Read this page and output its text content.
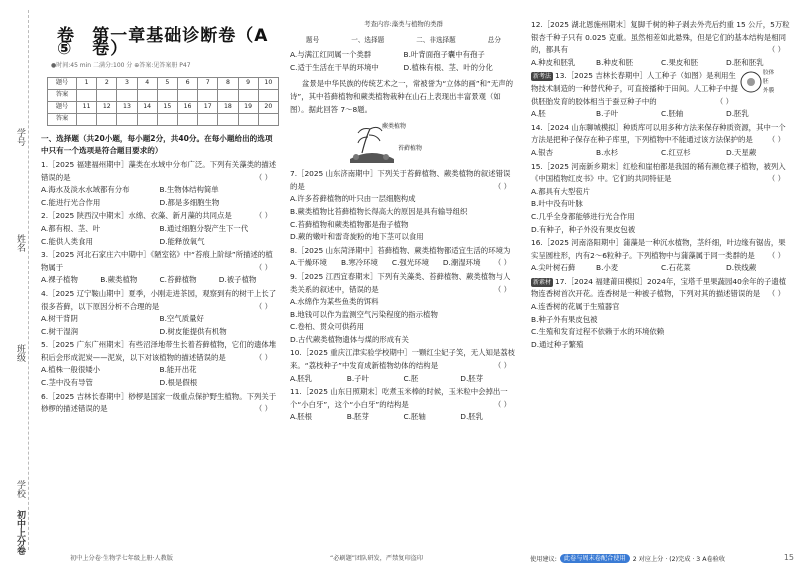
学号
姓名
班级
学校
初中上分卷
卷⑤
第一章基础诊断卷（A卷）
●时间:45 min 二满分:100 分 ⊕答案:见答案册 P47
题号	1	2	3	4	5	6	7	8	9	10
答案										
题号	11	12	13	14	15	16	17	18	19	20
答案										
一、选择题（共20小题，每小题2分，共40分。在每小题给出的选项中只有一个选项是符合题目要求的）
1.［2025 福建福州期中］藻类在水域中分布广泛。下列有关藻类的描述错误的是	（ ）
A.海水及淡水水域都有分布	B.生物体结构简单
C.能进行光合作用	D.都是多细胞生物
2.［2025 陕西汉中期末］水绵、衣藻、新月藻的共同点是	（ ）
A.都有根、茎、叶	B.通过细胞分裂产生下一代
C.能供人类食用	D.能释放氧气
3.［2025 河北石家庄六中期中］《陋室铭》中“苔痕上阶绿”所描述的植物属于	（ ）
A.裸子植物	B.蕨类植物	C.苔藓植物	D.被子植物
4.［2025 辽宁鞍山期中］夏季，小刚走进茶园，观察到有的树干上长了很多苔藓，以下原因分析不合理的是	（ ）
A.树干背阴	B.空气质量好
C.树干湿润	D.树皮能提供有机物
5.［2025 广东广州期末］有些沼泽地带生长着苔藓植物，它们的遗体堆积后会形成泥炭——泥炭，以下对该植物的描述错误的是	（ ）
A.植株一般很矮小	B.能开出花
C.茎中没有导管	D.根是假根
6.［2025 吉林长春期中］桫椤是国家一级重点保护野生植物。下列关于桫椤的描述错误的是	（ ）
考查内容:藻类与植物的类群
题号	一、选择题	二、非选择题	总分
A.与满江红同属一个类群	B.叶背面孢子囊中有孢子
C.适于生活在干旱的环境中	D.植株有根、茎、叶的分化
盆景是中华民族的传统艺术之一，常被誉为“立体的画”和“无声的诗”，其中苔藓植物和蕨类植物栽种在山石上表现出丰富景观（如图）。据此回答 7～8题。
蕨类植物
苔藓植物
7.［2025 山东济南期中］下列关于苔藓植物、蕨类植物的叙述错误的是	（ ）
A.许多苔藓植物的叶只由一层细胞构成
B.蕨类植物比苔藓植物长得高大的原因是具有输导组织
C.苔藓植物和蕨类植物都是孢子植物
D.蕨的嫩叶和雷奇旋粉的地下茎可以食用
8.［2025 山东菏泽期中］苔藓植物、蕨类植物都适宜生活的环境为
（ ）
A.干燥环境	B.寒冷环境	C.强光环境	D.潮湿环境
9.［2025 江西宜春期末］下列有关藻类、苔藓植物、蕨类植物与人类关系的叙述中，错误的是	（ ）
A.水绵作为某些鱼类的饵料
B.地钱可以作为监测空气污染程度的指示植物
C.卷柏、贯众可供药用
D.古代蕨类植物遗体与煤的形成有关
10.［2025 重庆江津实验学校期中］一颗红尘妃子笑，无人知是荔枝来。“荔枝种子”中发育成新植物幼体的结构是	（ ）
A.胚乳	B.子叶	C.胚	D.胚芽
11.［2025 山东日照期末］吃煮玉米棒的时候，玉米粒中会掉出一个“小白牙”，这个“小白牙”的结构是	（ ）
A.胚根	B.胚芽	C.胚轴	D.胚乳
12.［2025 湖北恩施州期末］复脚千树的种子剥去外壳后约重 15 公斤，5万粒银杏千种子只有 0.025 克重。虽然相差如此悬殊，但是它们的基本结构是相同的，都具有	（ ）
A.种皮和胚乳	B.种皮和胚	C.果皮和胚	D.胚和胚乳
胶体
胚
外膜
新考法 13.［2025 吉林长春期中］人工种子（如图）是利用生物技术制造的一种替代种子，可直接播种于田间。人工种子中提供胚胎发育的胶体相当于蚕豆种子中的	（ ）
A.胚	B.子叶	C.胚轴	D.胚乳
14.［2024 山东聊城模拟］种质库可以用多种方法来保存种质资源，其中一个方法是把种子保存在种子库里，下列植物中不能通过该方法保护的是 （ ）
A.银杏	B.水杉	C.红豆杉	D.天星蕨
15.［2025 河南新乡期末］红桧和崖柏都是我国的稀有濒危裸子植物，被列入《中国植物红皮书》中。它们的共同特征是	（ ）
A.都具有大型苞片
B.叶中没有叶脉
C.几乎全身都能够进行光合作用
D.有种子，种子外没有果皮包被
16.［2025 河南洛阳期中］蒲藻是一种沉水植物，茎纤细，叶边缘有锯齿，果实呈圆柱形，内有2～6粒种子。下列植物中与蒲藻属于同一类群的是 （ ）
A.尖叶树石藓	B.小麦	C.石花菜	D.铁线蕨
新素材 17.［2024 福建莆田模拟］2024年，宝塔千里果蔬园40余年的子遗植物连香树首次开花。连香树是一种被子植物，下列对其的描述错误的是 （ ）
A.连香树的花属于生殖器官
B.种子外有果皮包被
C.生殖和发育过程不依赖于水的环境依赖
D.通过种子繁殖
初中上分卷·生物学七年级上册·人教版	“必刷题”团队研发，严禁复印盗印	使用建议:	此卷与周末卷配合使用	2 对应上分 · (2)完成 · 3 A卷验收	15
